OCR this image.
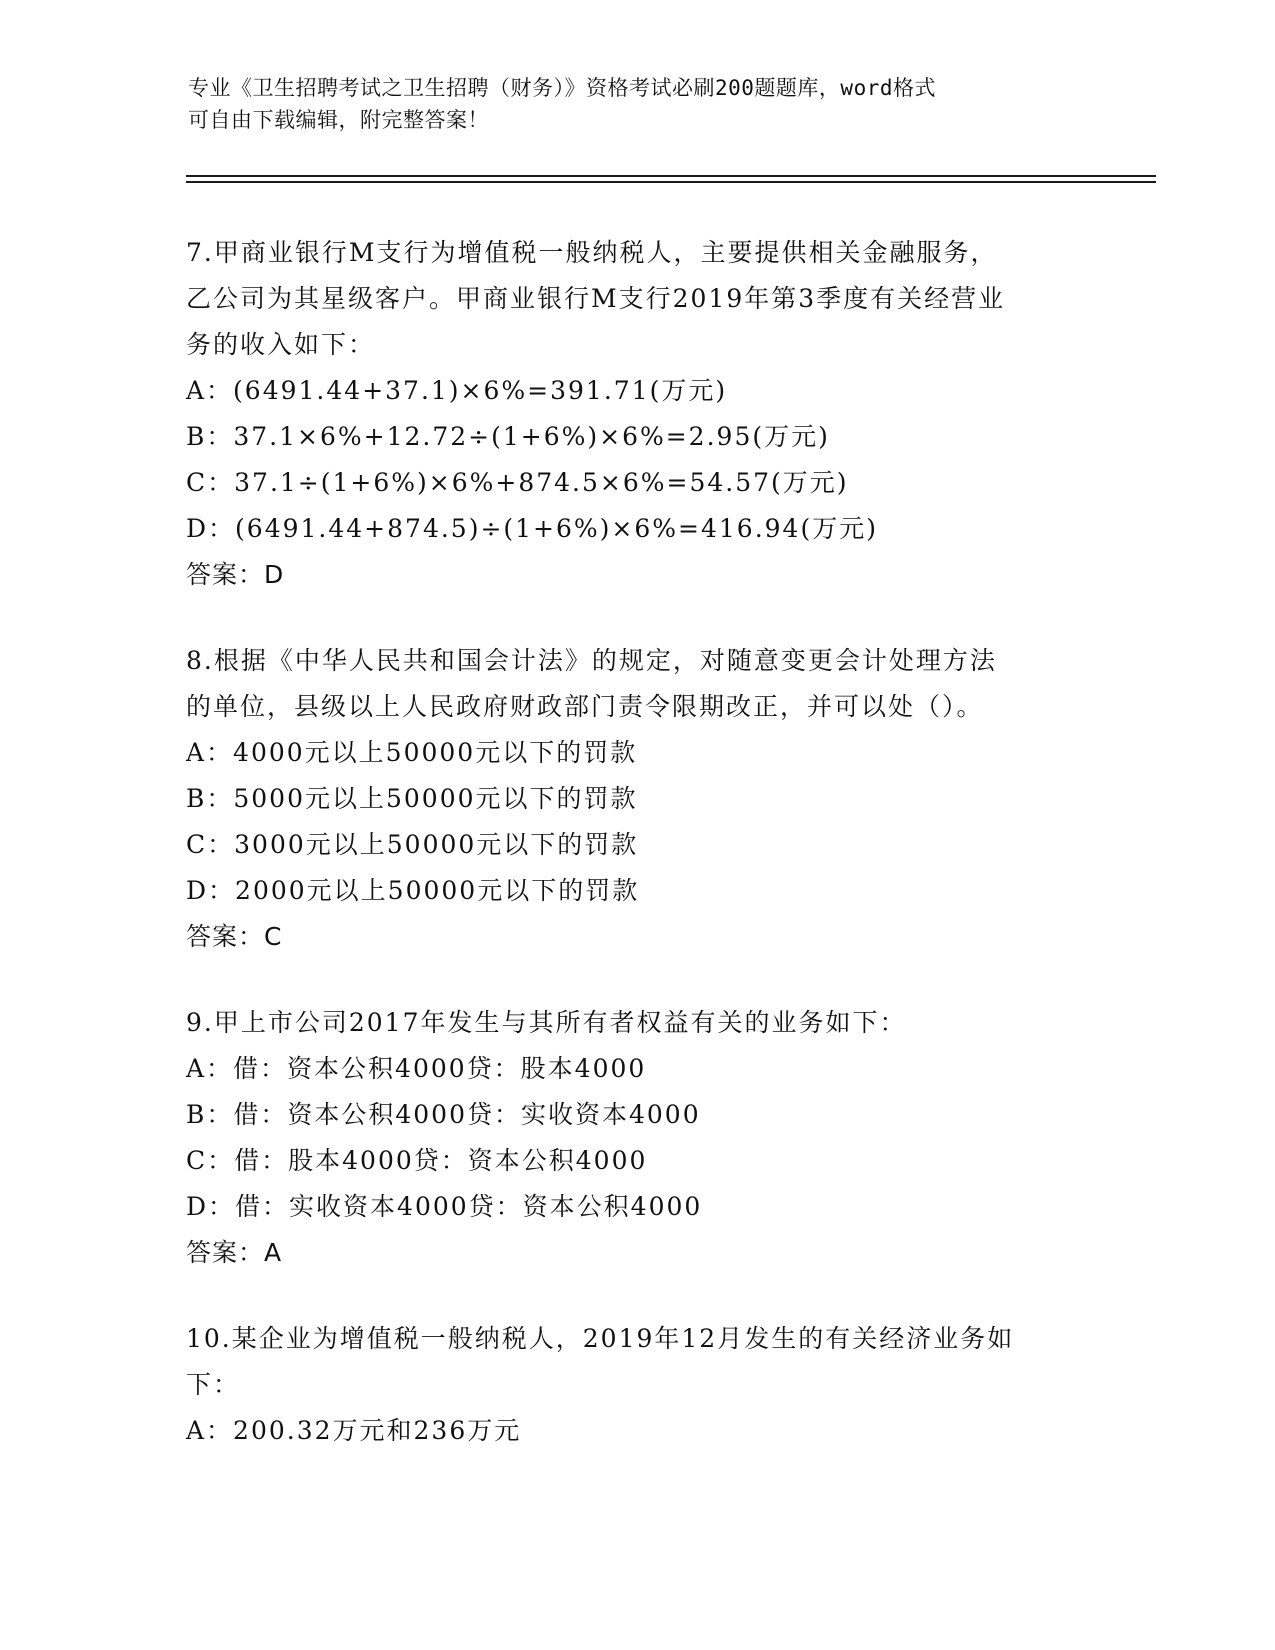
专业《卫生招聘考试之卫生招聘（财务）》资格考试必刷200题题库，word格式
可自由下载编辑，附完整答案！
7.甲商业银行M支行为增值税一般纳税人，主要提供相关金融服务，
乙公司为其星级客户。甲商业银行M支行2019年第3季度有关经营业
务的收入如下：
A：(6491.44+37.1)×6%=391.71(万元)
B：37.1×6%+12.72÷(1+6%)×6%=2.95(万元)
C：37.1÷(1+6%)×6%+874.5×6%=54.57(万元)
D：(6491.44+874.5)÷(1+6%)×6%=416.94(万元)
答案：D
8.根据《中华人民共和国会计法》的规定，对随意变更会计处理方法
的单位，县级以上人民政府财政部门责令限期改正，并可以处（）。
A：4000元以上50000元以下的罚款
B：5000元以上50000元以下的罚款
C：3000元以上50000元以下的罚款
D：2000元以上50000元以下的罚款
答案：C
9.甲上市公司2017年发生与其所有者权益有关的业务如下：
A：借：资本公积4000贷：股本4000
B：借：资本公积4000贷：实收资本4000
C：借：股本4000贷：资本公积4000
D：借：实收资本4000贷：资本公积4000
答案：A
10.某企业为增值税一般纳税人，2019年12月发生的有关经济业务如
下：
A：200.32万元和236万元
